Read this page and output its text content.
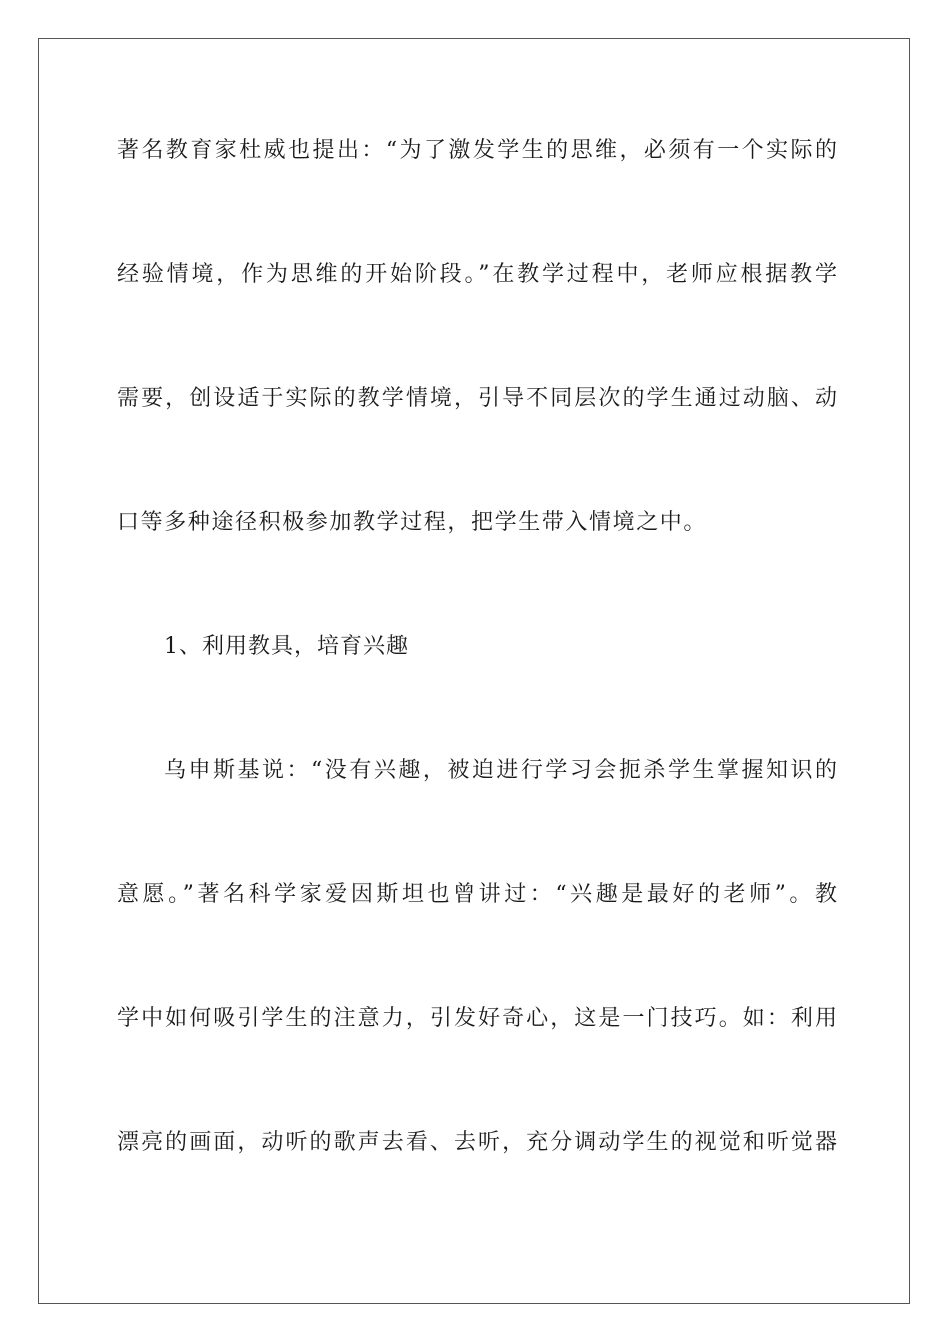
著名教育家杜威也提出：“为了激发学生的思维，必须有一个实际的
经验情境，作为思维的开始阶段。”在教学过程中，老师应根据教学
需要，创设适于实际的教学情境，引导不同层次的学生通过动脑、动
口等多种途径积极参加教学过程，把学生带入情境之中。
1、利用教具，培育兴趣
乌申斯基说：“没有兴趣，被迫进行学习会扼杀学生掌握知识的
意愿。”著名科学家爱因斯坦也曾讲过：“兴趣是最好的老师”。教
学中如何吸引学生的注意力，引发好奇心，这是一门技巧。如：利用
漂亮的画面，动听的歌声去看、去听，充分调动学生的视觉和听觉器
